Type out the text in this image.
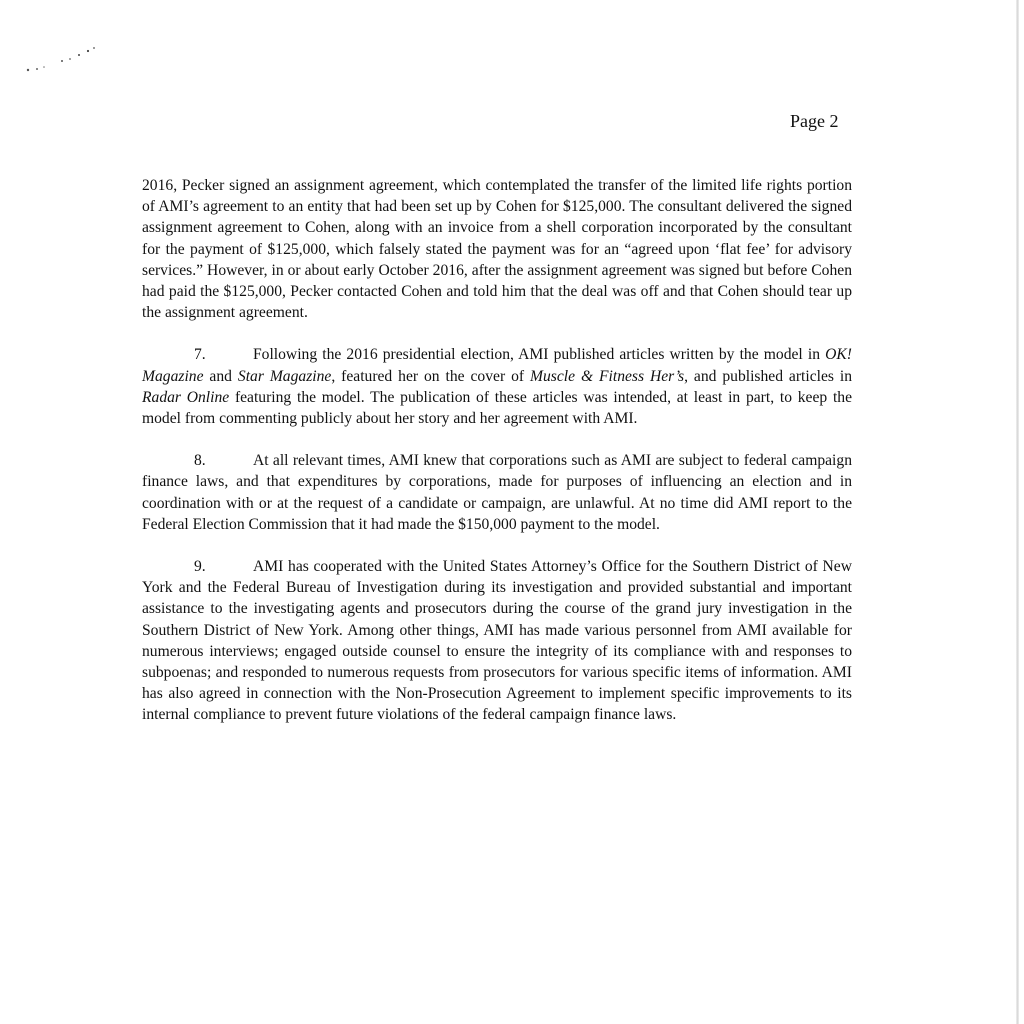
Page 2

2016, Pecker signed an assignment agreement, which contemplated the transfer of the limited life rights portion of AMI’s agreement to an entity that had been set up by Cohen for $125,000. The consultant delivered the signed assignment agreement to Cohen, along with an invoice from a shell corporation incorporated by the consultant for the payment of $125,000, which falsely stated the payment was for an “agreed upon ‘flat fee’ for advisory services.” However, in or about early October 2016, after the assignment agreement was signed but before Cohen had paid the $125,000, Pecker contacted Cohen and told him that the deal was off and that Cohen should tear up the assignment agreement.

7.	Following the 2016 presidential election, AMI published articles written by the model in OK! Magazine and Star Magazine, featured her on the cover of Muscle & Fitness Her’s, and published articles in Radar Online featuring the model. The publication of these articles was intended, at least in part, to keep the model from commenting publicly about her story and her agreement with AMI.

8.	At all relevant times, AMI knew that corporations such as AMI are subject to federal campaign finance laws, and that expenditures by corporations, made for purposes of influencing an election and in coordination with or at the request of a candidate or campaign, are unlawful. At no time did AMI report to the Federal Election Commission that it had made the $150,000 payment to the model.

9.	AMI has cooperated with the United States Attorney’s Office for the Southern District of New York and the Federal Bureau of Investigation during its investigation and provided substantial and important assistance to the investigating agents and prosecutors during the course of the grand jury investigation in the Southern District of New York. Among other things, AMI has made various personnel from AMI available for numerous interviews; engaged outside counsel to ensure the integrity of its compliance with and responses to subpoenas; and responded to numerous requests from prosecutors for various specific items of information. AMI has also agreed in connection with the Non-Prosecution Agreement to implement specific improvements to its internal compliance to prevent future violations of the federal campaign finance laws.
